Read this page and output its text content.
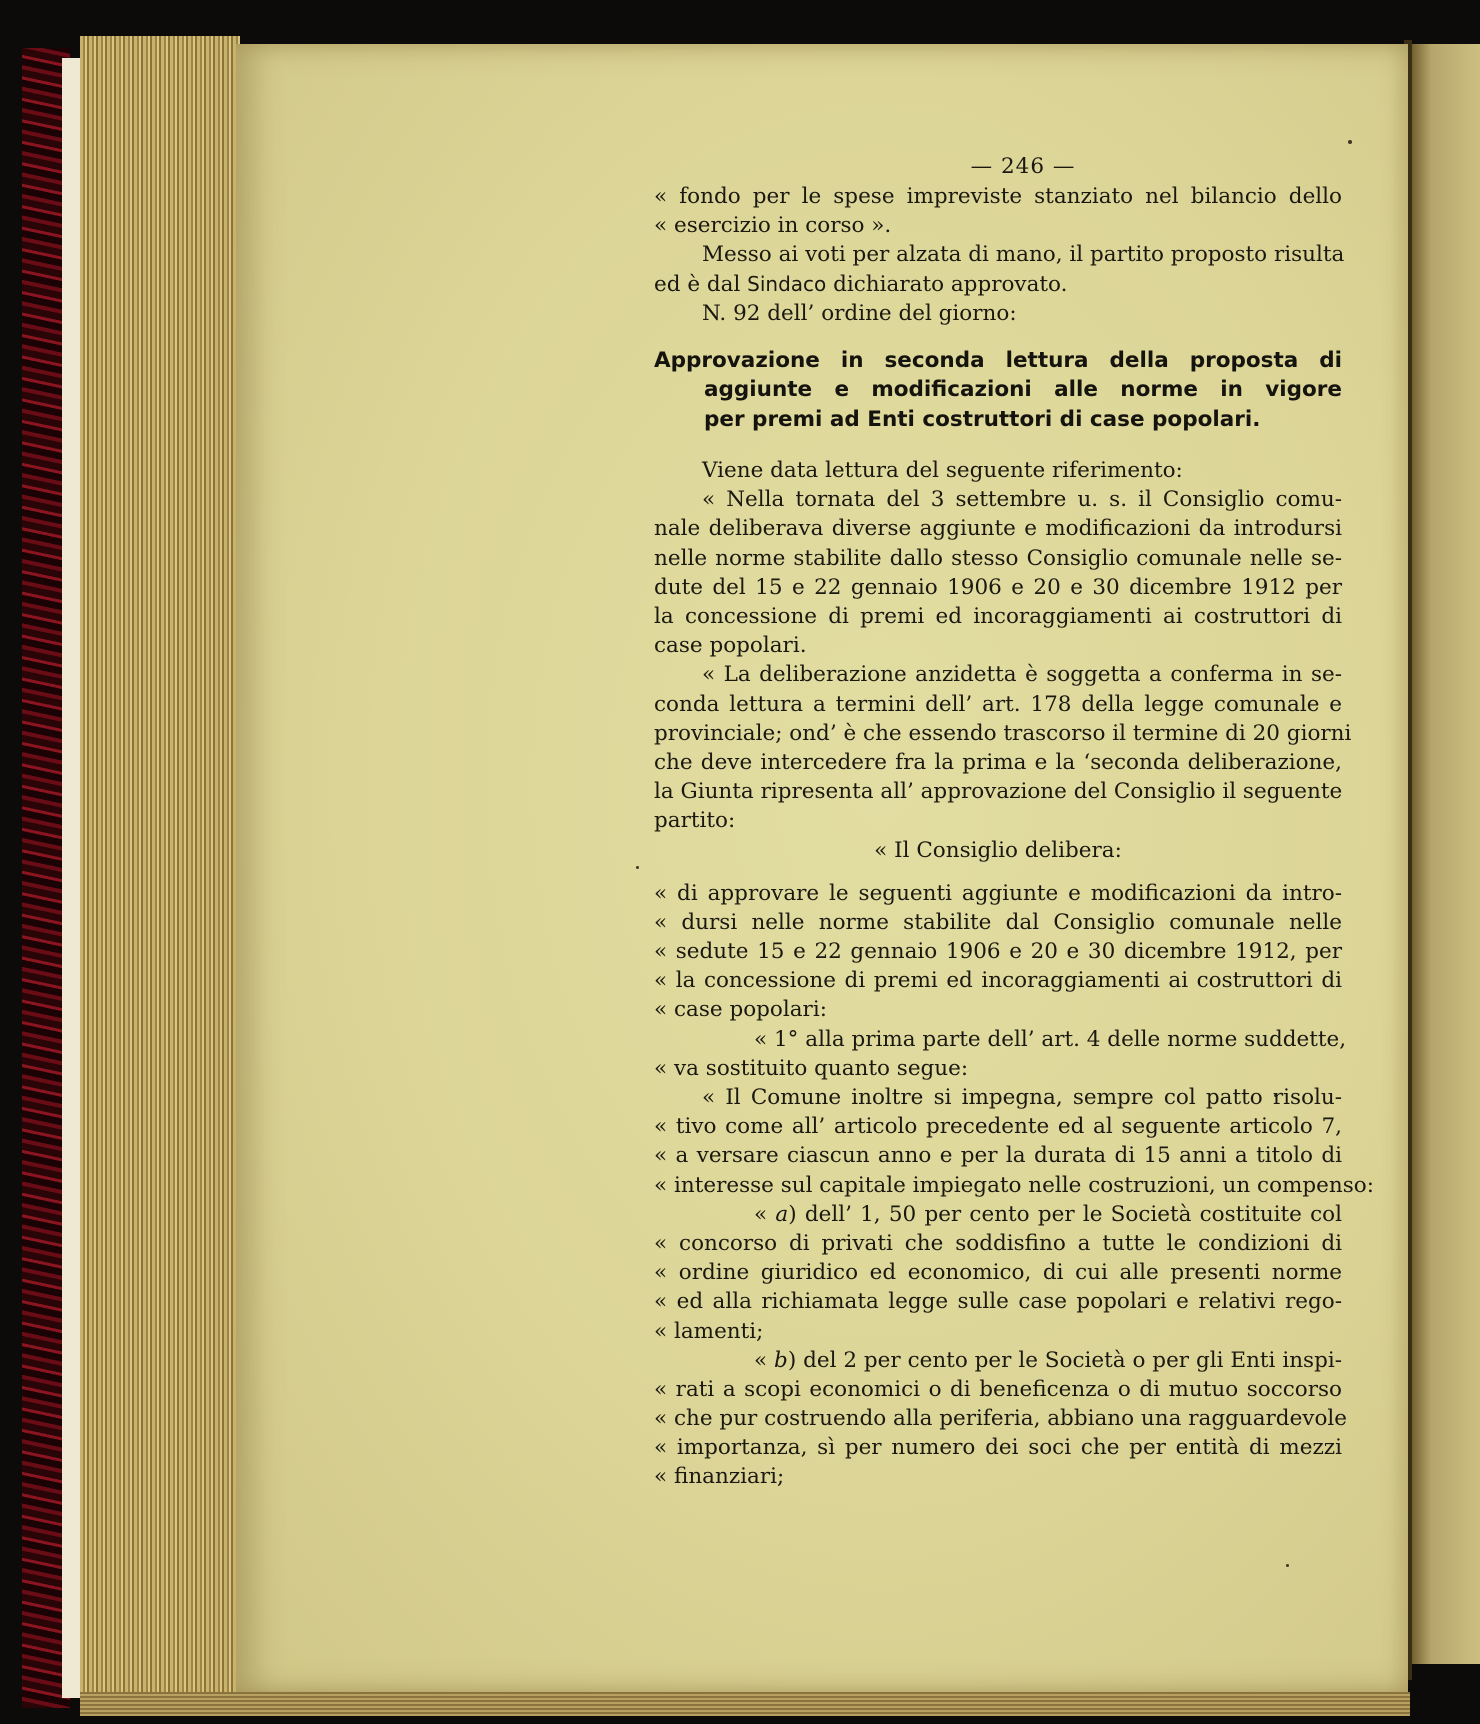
— 246 —
« fondo per le spese impreviste stanziato nel bilancio dello
« esercizio in corso ».
Messo ai voti per alzata di mano, il partito proposto risulta
ed è dal Sindaco dichiarato approvato.
N. 92 dell’ ordine del giorno:
Approvazione in seconda lettura della proposta di
aggiunte e modificazioni alle norme in vigore
per premi ad Enti costruttori di case popolari.
Viene data lettura del seguente riferimento:
« Nella tornata del 3 settembre u. s. il Consiglio comu-
nale deliberava diverse aggiunte e modificazioni da introdursi
nelle norme stabilite dallo stesso Consiglio comunale nelle se-
dute del 15 e 22 gennaio 1906 e 20 e 30 dicembre 1912 per
la concessione di premi ed incoraggiamenti ai costruttori di
case popolari.
« La deliberazione anzidetta è soggetta a conferma in se-
conda lettura a termini dell’ art. 178 della legge comunale e
provinciale; ond’ è che essendo trascorso il termine di 20 giorni
che deve intercedere fra la prima e la ‘seconda deliberazione,
la Giunta ripresenta all’ approvazione del Consiglio il seguente
partito:
« Il Consiglio delibera:
« di approvare le seguenti aggiunte e modificazioni da intro-
« dursi nelle norme stabilite dal Consiglio comunale nelle
« sedute 15 e 22 gennaio 1906 e 20 e 30 dicembre 1912, per
« la concessione di premi ed incoraggiamenti ai costruttori di
« case popolari:
« 1° alla prima parte dell’ art. 4 delle norme suddette,
« va sostituito quanto segue:
« Il Comune inoltre si impegna, sempre col patto risolu-
« tivo come all’ articolo precedente ed al seguente articolo 7,
« a versare ciascun anno e per la durata di 15 anni a titolo di
« interesse sul capitale impiegato nelle costruzioni, un compenso:
« a) dell’ 1, 50 per cento per le Società costituite col
« concorso di privati che soddisfino a tutte le condizioni di
« ordine giuridico ed economico, di cui alle presenti norme
« ed alla richiamata legge sulle case popolari e relativi rego-
« lamenti;
« b) del 2 per cento per le Società o per gli Enti inspi-
« rati a scopi economici o di beneficenza o di mutuo soccorso
« che pur costruendo alla periferia, abbiano una ragguardevole
« importanza, sì per numero dei soci che per entità di mezzi
« finanziari;
